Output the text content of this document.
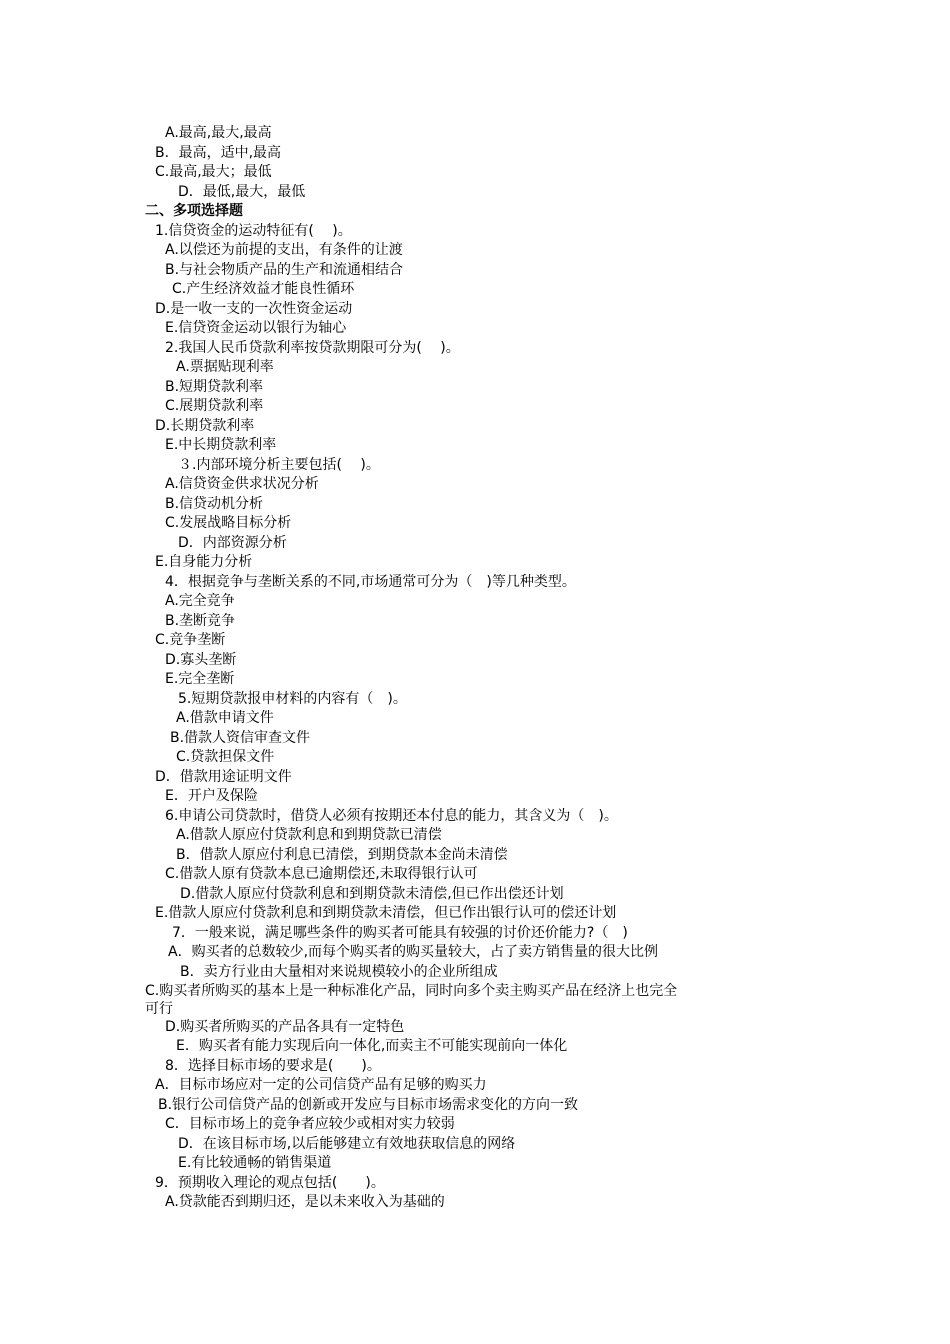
A.最高,最大,最高
B．最高，适中,最高
C.最高,最大；最低
D．最低,最大，最低
二、多项选择题
1.信贷资金的运动特征有(　 )。
A.以偿还为前提的支出，有条件的让渡
B.与社会物质产品的生产和流通相结合
C.产生经济效益才能良性循环
D.是一收一支的一次性资金运动
E.信贷资金运动以银行为轴心
2.我国人民币贷款利率按贷款期限可分为( 　)。
A.票据贴现利率
B.短期贷款利率
C.展期贷款利率
D.长期贷款利率
E.中长期贷款利率
３.内部环境分析主要包括(　 )。
A.信贷资金供求状况分析
B.信贷动机分析
C.发展战略目标分析
D．内部资源分析
E.自身能力分析
4．根据竞争与垄断关系的不同,市场通常可分为（　)等几种类型。
A.完全竞争
B.垄断竞争
C.竞争垄断
D.寡头垄断
E.完全垄断
5.短期贷款报申材料的内容有（　)。
A.借款申请文件
B.借款人资信审查文件
C.贷款担保文件
D．借款用途证明文件
E．开户及保险
6.申请公司贷款时，借贷人必须有按期还本付息的能力，其含义为（　)。
A.借款人原应付贷款利息和到期贷款已清偿
B．借款人原应付利息已清偿，到期贷款本金尚未清偿
C.借款人原有贷款本息已逾期偿还,未取得银行认可
D.借款人原应付贷款利息和到期贷款未清偿,但已作出偿还计划
E.借款人原应付贷款利息和到期贷款未清偿，但已作出银行认可的偿还计划
7．一般来说，满足哪些条件的购买者可能具有较强的讨价还价能力?（　)
A．购买者的总数较少,而每个购买者的购买量较大，占了卖方销售量的很大比例
B．卖方行业由大量相对来说规模较小的企业所组成
C.购买者所购买的基本上是一种标准化产品，同时向多个卖主购买产品在经济上也完全
可行
D.购买者所购买的产品各具有一定特色
E．购买者有能力实现后向一体化,而卖主不可能实现前向一体化
8．选择目标市场的要求是(　　)。
A．目标市场应对一定的公司信贷产品有足够的购买力
B.银行公司信贷产品的创新或开发应与目标市场需求变化的方向一致
C．目标市场上的竞争者应较少或相对实力较弱
D．在该目标市场,以后能够建立有效地获取信息的网络
E.有比较通畅的销售渠道
9．预期收入理论的观点包括(　　)。
A.贷款能否到期归还，是以未来收入为基础的
